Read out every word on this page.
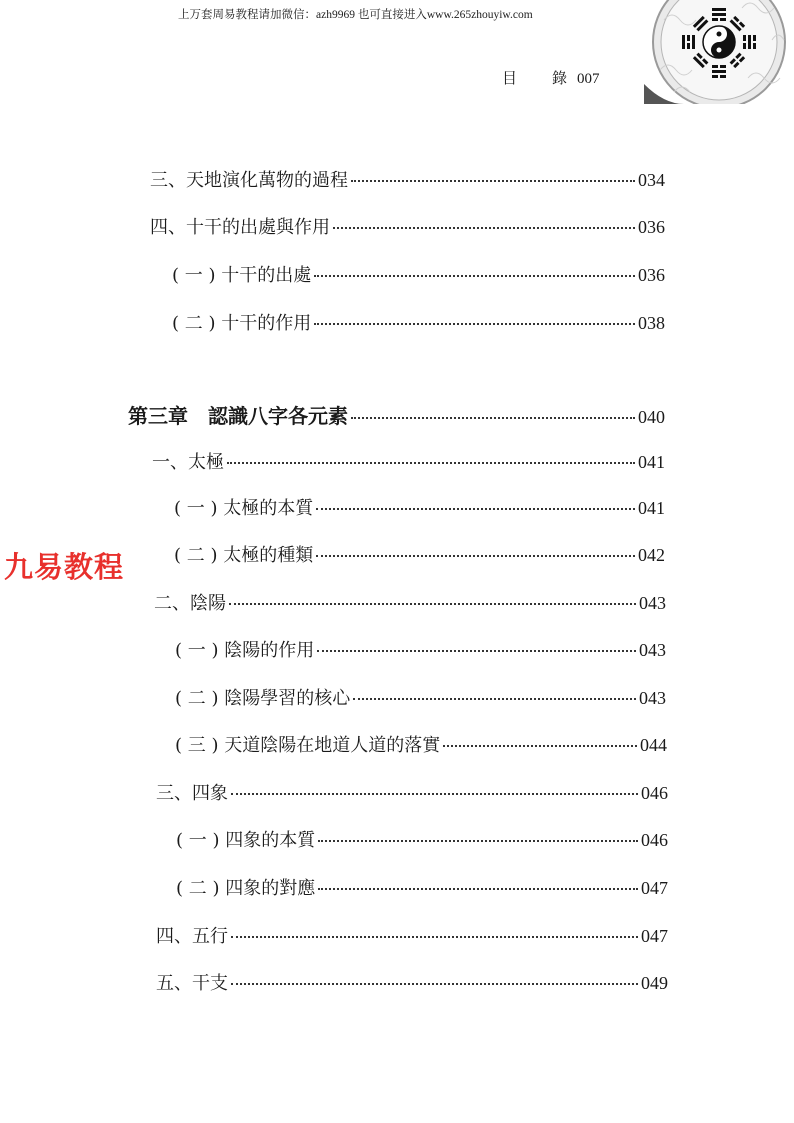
上万套周易教程请加微信：azh9969 也可直接进入www.265zhouyiw.com
目 錄 007
九易教程
三、天地演化萬物的過程	034
四、十干的出處與作用	036
( 一 ) 十干的出處	036
( 二 ) 十干的作用	038
第三章 認識八字各元素	040
一、太極	041
( 一 ) 太極的本質	041
( 二 ) 太極的種類	042
二、陰陽	043
( 一 ) 陰陽的作用	043
( 二 ) 陰陽學習的核心	043
( 三 ) 天道陰陽在地道人道的落實	044
三、四象	046
( 一 ) 四象的本質	046
( 二 ) 四象的對應	047
四、五行	047
五、干支	049
